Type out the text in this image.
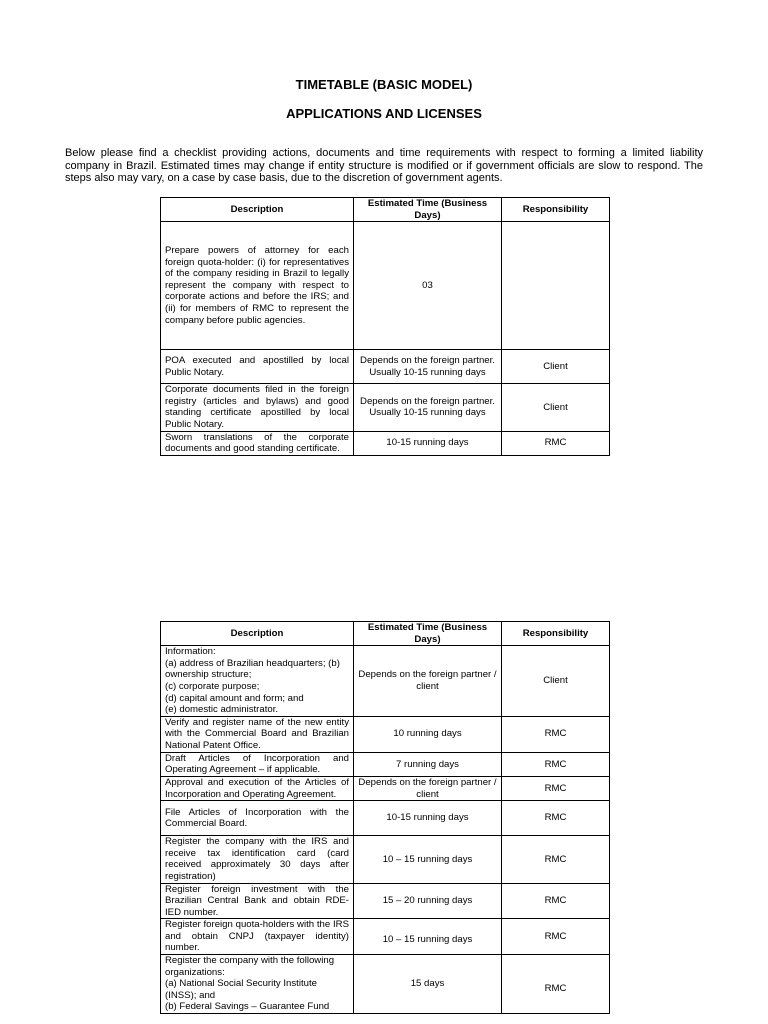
TIMETABLE (BASIC MODEL)
APPLICATIONS AND LICENSES
Below please find a checklist providing actions, documents and time requirements with respect to forming a limited liability company in Brazil. Estimated times may change if entity structure is modified or if government officials are slow to respond. The steps also may vary, on a case by case basis, due to the discretion of government agents.
Description	Estimated Time (Business Days)	Responsibility
Prepare powers of attorney for each foreign quota-holder: (i) for representatives of the company residing in Brazil to legally represent the company with respect to corporate actions and before the IRS; and (ii) for members of RMC to represent the company before public agencies.	03	
POA executed and apostilled by local Public Notary.	Depends on the foreign partner. Usually 10-15 running days	Client
Corporate documents filed in the foreign registry (articles and bylaws) and good standing certificate apostilled by local Public Notary.	Depends on the foreign partner. Usually 10-15 running days	Client
Sworn translations of the corporate documents and good standing certificate.	10-15 running days	RMC
Description	Estimated Time (Business Days)	Responsibility

Information:
(a) address of Brazilian headquarters; (b) ownership structure;
(c) corporate purpose;
(d) capital amount and form; and
(e) domestic administrator.	Depends on the foreign partner / client	Client
Verify and register name of the new entity with the Commercial Board and Brazilian National Patent Office.	10 running days	RMC
Draft Articles of Incorporation and Operating Agreement – if applicable.	7 running days	RMC
Approval and execution of the Articles of Incorporation and Operating Agreement.	Depends on the foreign partner / client	RMC
File Articles of Incorporation with the Commercial Board.	10-15 running days	RMC
Register the company with the IRS and receive tax identification card (card received approximately 30 days after registration)	10 – 15 running days	RMC
Register foreign investment with the Brazilian Central Bank and obtain RDE-IED number.	15 – 20 running days	RMC
Register foreign quota-holders with the IRS and obtain CNPJ (taxpayer identity) number.	10 – 15 running days	RMC

Register the company with the following organizations:
(a) National Social Security Institute (INSS); and
(b) Federal Savings – Guarantee Fund	15 days	RMC
